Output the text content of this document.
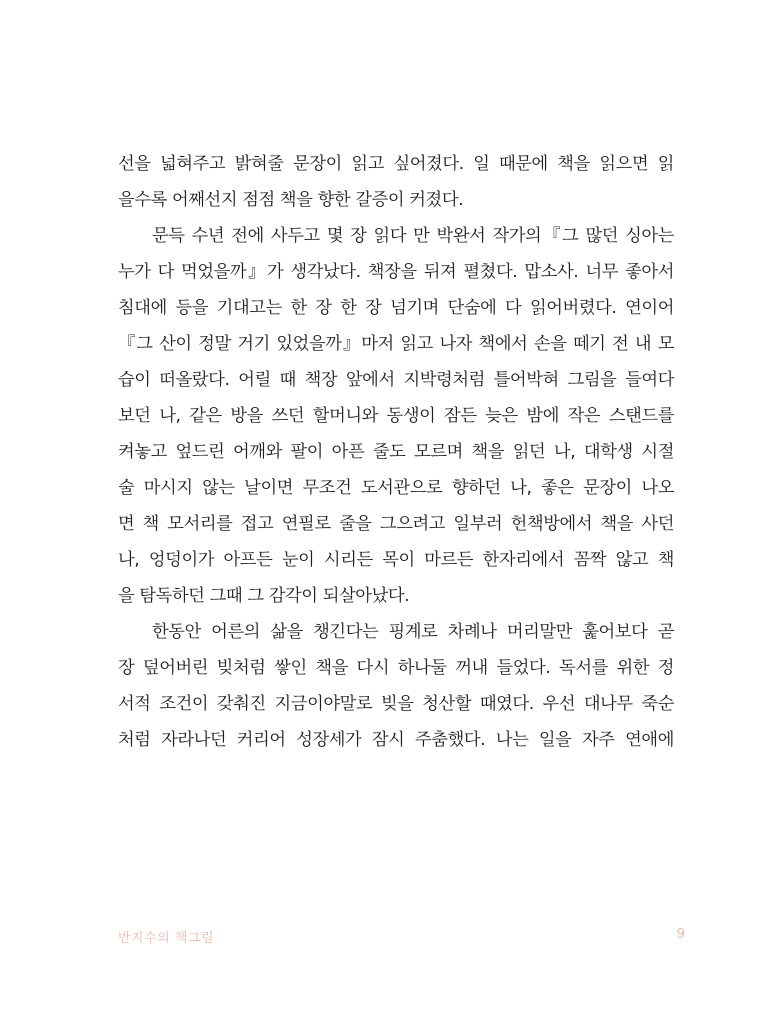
선을 넓혀주고 밝혀줄 문장이 읽고 싶어졌다. 일 때문에 책을 읽으면 읽
을수록 어째선지 점점 책을 향한 갈증이 커졌다.
문득 수년 전에 사두고 몇 장 읽다 만 박완서 작가의『그 많던 싱아는
누가 다 먹었을까』가 생각났다. 책장을 뒤져 펼쳤다. 맙소사. 너무 좋아서
침대에 등을 기대고는 한 장 한 장 넘기며 단숨에 다 읽어버렸다. 연이어
『그 산이 정말 거기 있었을까』마저 읽고 나자 책에서 손을 떼기 전 내 모
습이 떠올랐다. 어릴 때 책장 앞에서 지박령처럼 틀어박혀 그림을 들여다
보던 나, 같은 방을 쓰던 할머니와 동생이 잠든 늦은 밤에 작은 스탠드를
켜놓고 엎드린 어깨와 팔이 아픈 줄도 모르며 책을 읽던 나, 대학생 시절
술 마시지 않는 날이면 무조건 도서관으로 향하던 나, 좋은 문장이 나오
면 책 모서리를 접고 연필로 줄을 그으려고 일부러 헌책방에서 책을 사던
나, 엉덩이가 아프든 눈이 시리든 목이 마르든 한자리에서 꼼짝 않고 책
을 탐독하던 그때 그 감각이 되살아났다.
한동안 어른의 삶을 챙긴다는 핑계로 차례나 머리말만 훑어보다 곧
장 덮어버린 빚처럼 쌓인 책을 다시 하나둘 꺼내 들었다. 독서를 위한 정
서적 조건이 갖춰진 지금이야말로 빚을 청산할 때였다. 우선 대나무 죽순
처럼 자라나던 커리어 성장세가 잠시 주춤했다. 나는 일을 자주 연애에
반지수의 책그림	9
